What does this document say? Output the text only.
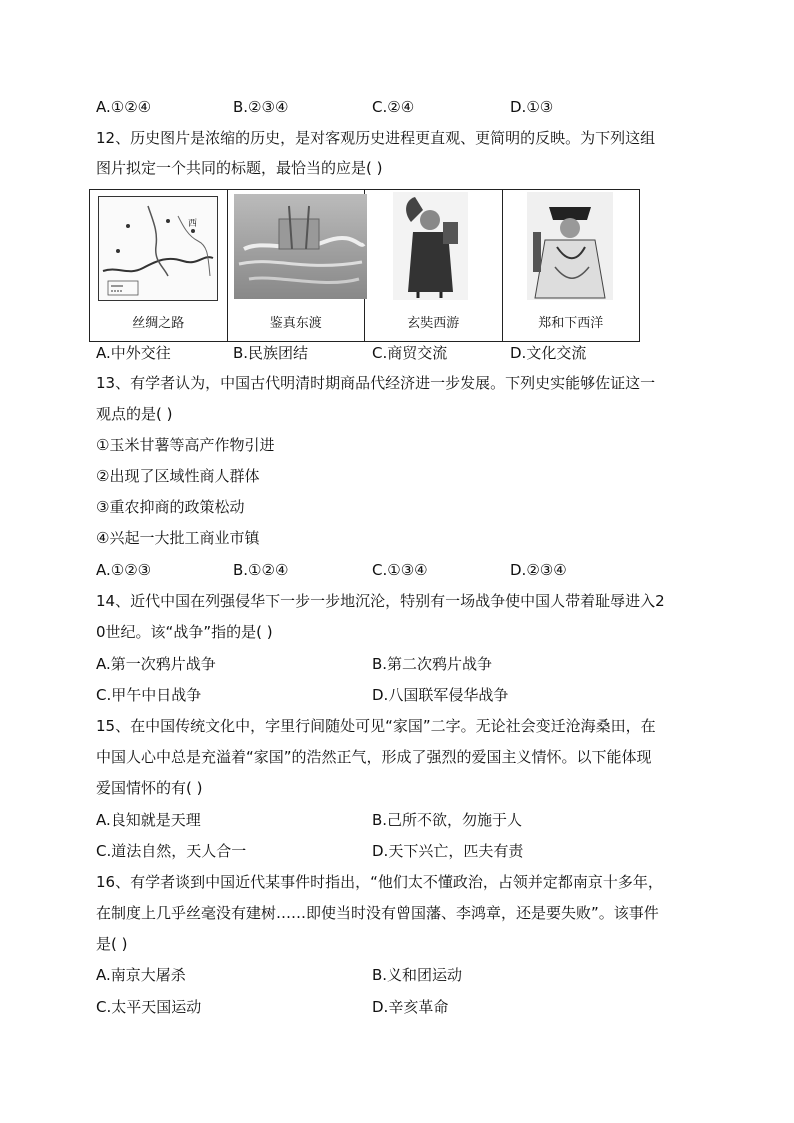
A.①②④	B.②③④	C.②④	D.①③
12、历史图片是浓缩的历史，是对客观历史进程更直观、更简明的反映。为下列这组
图片拟定一个共同的标题，最恰当的应是( )
西
丝绸之路	鉴真东渡	玄奘西游	郑和下西洋
A.中外交往	B.民族团结	C.商贸交流	D.文化交流
13、有学者认为，中国古代明清时期商品代经济进一步发展。下列史实能够佐证这一
观点的是( )
①玉米甘薯等高产作物引进
②出现了区域性商人群体
③重农抑商的政策松动
④兴起一大批工商业市镇
A.①②③	B.①②④	C.①③④	D.②③④
14、近代中国在列强侵华下一步一步地沉沦，特别有一场战争使中国人带着耻辱进入2
0世纪。该“战争”指的是( )
A.第一次鸦片战争	B.第二次鸦片战争
C.甲午中日战争	D.八国联军侵华战争
15、在中国传统文化中，字里行间随处可见“家国”二字。无论社会变迁沧海桑田，在
中国人心中总是充溢着“家国”的浩然正气，形成了强烈的爱国主义情怀。以下能体现
爱国情怀的有( )
A.良知就是天理	B.己所不欲，勿施于人
C.道法自然，天人合一	D.天下兴亡，匹夫有责
16、有学者谈到中国近代某事件时指出，“他们太不懂政治，占领并定都南京十多年，
在制度上几乎丝毫没有建树……即使当时没有曾国藩、李鸿章，还是要失败”。该事件
是( )
A.南京大屠杀	B.义和团运动
C.太平天国运动	D.辛亥革命
